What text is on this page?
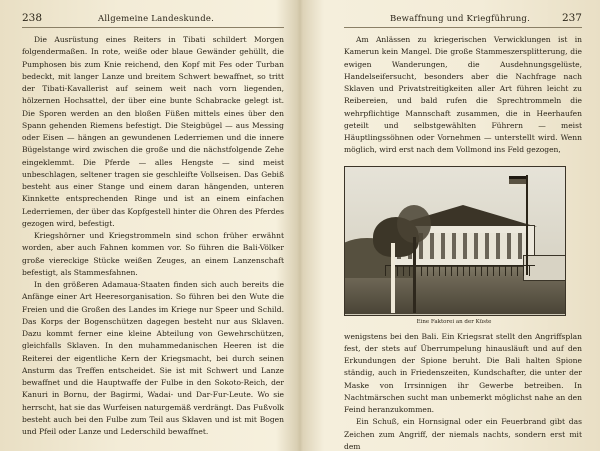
238	Allgemeine Landeskunde.

Die Ausrüstung eines Reiters in Tibati schildert Morgen folgendermaßen. In rote, weiße oder blaue Gewänder gehüllt, die Pumphosen bis zum Knie reichend, den Kopf mit Fes oder Turban bedeckt, mit langer Lanze und breitem Schwert bewaffnet, so tritt der Tibati-Kavallerist auf seinem weit nach vorn liegenden, hölzernen Hochsattel, der über eine bunte Schabracke gelegt ist. Die Sporen werden an den bloßen Füßen mittels eines über den Spann gehenden Riemens befestigt. Die Steigbügel — aus Messing oder Eisen — hängen an gewundenen Lederriemen und die innere Bügelstange wird zwischen die große und die nächstfolgende Zehe eingeklemmt. Die Pferde — alles Hengste — sind meist unbeschlagen, seltener tragen sie geschleifte Vollseisen. Das Gebiß besteht aus einer Stange und einem daran hängenden, unteren Kinnkette entsprechenden Ringe und ist an einem einfachen Lederriemen, der über das Kopfgestell hinter die Ohren des Pferdes gezogen wird, befestigt.

Kriegshörner und Kriegstrommeln sind schon früher erwähnt worden, aber auch Fahnen kommen vor. So führen die Bali-Völker große viereckige Stücke weißen Zeuges, an einem Lanzenschaft befestigt, als Stammesfahnen.

In den größeren Adamaua-Staaten finden sich auch bereits die Anfänge einer Art Heeresorganisation. So führen bei den Wute die Freien und die Großen des Landes im Kriege nur Speer und Schild. Das Korps der Bogenschützen dagegen besteht nur aus Sklaven. Dazu kommt ferner eine kleine Abteilung von Gewehrschützen, gleichfalls Sklaven. In den muhammedanischen Heeren ist die Reiterei der eigentliche Kern der Kriegsmacht, bei durch seinen Ansturm das Treffen entscheidet. Sie ist mit Schwert und Lanze bewaffnet und die Hauptwaffe der Fulbe in den Sokoto-Reich, der Kanuri in Bornu, der Bagirmi, Wadai- und Dar-Fur-Leute. Wo sie herrscht, hat sie das Wurfeisen naturgemäß verdrängt. Das Fußvolk besteht auch bei den Fulbe zum Teil aus Sklaven und ist mit Bogen und Pfeil oder Lanze und Lederschild bewaffnet.

Bewaffnung und Kriegführung.	237

Am Anlässen zu kriegerischen Verwicklungen ist in Kamerun kein Mangel. Die große Stammeszersplitterung, die ewigen Wanderungen, die Ausdehnungsgelüste, Handelseifersucht, besonders aber die Nachfrage nach Sklaven und Privatstreitigkeiten aller Art führen leicht zu Reibereien, und bald rufen die Sprechtrommeln die wehrpflichtige Mannschaft zusammen, die in Heerhaufen geteilt und selbstgewählten Führern — meist Häuptlingssöhnen oder Vornehmen — unterstellt wird. Wenn möglich, wird erst nach dem Vollmond ins Feld gezogen,

Eine Faktorei an der Küste

wenigstens bei den Bali. Ein Kriegsrat stellt den Angriffsplan fest, der stets auf Überrumpelung hinausläuft und auf den Erkundungen der Spione beruht. Die Bali halten Spione ständig, auch in Friedenszeiten, Kundschafter, die unter der Maske von Irrsinnigen ihr Gewerbe betreiben. In Nachtmärschen sucht man unbemerkt möglichst nahe an den Feind heranzukommen.

Ein Schuß, ein Hornsignal oder ein Feuerbrand gibt das Zeichen zum Angriff, der niemals nachts, sondern erst mit dem
